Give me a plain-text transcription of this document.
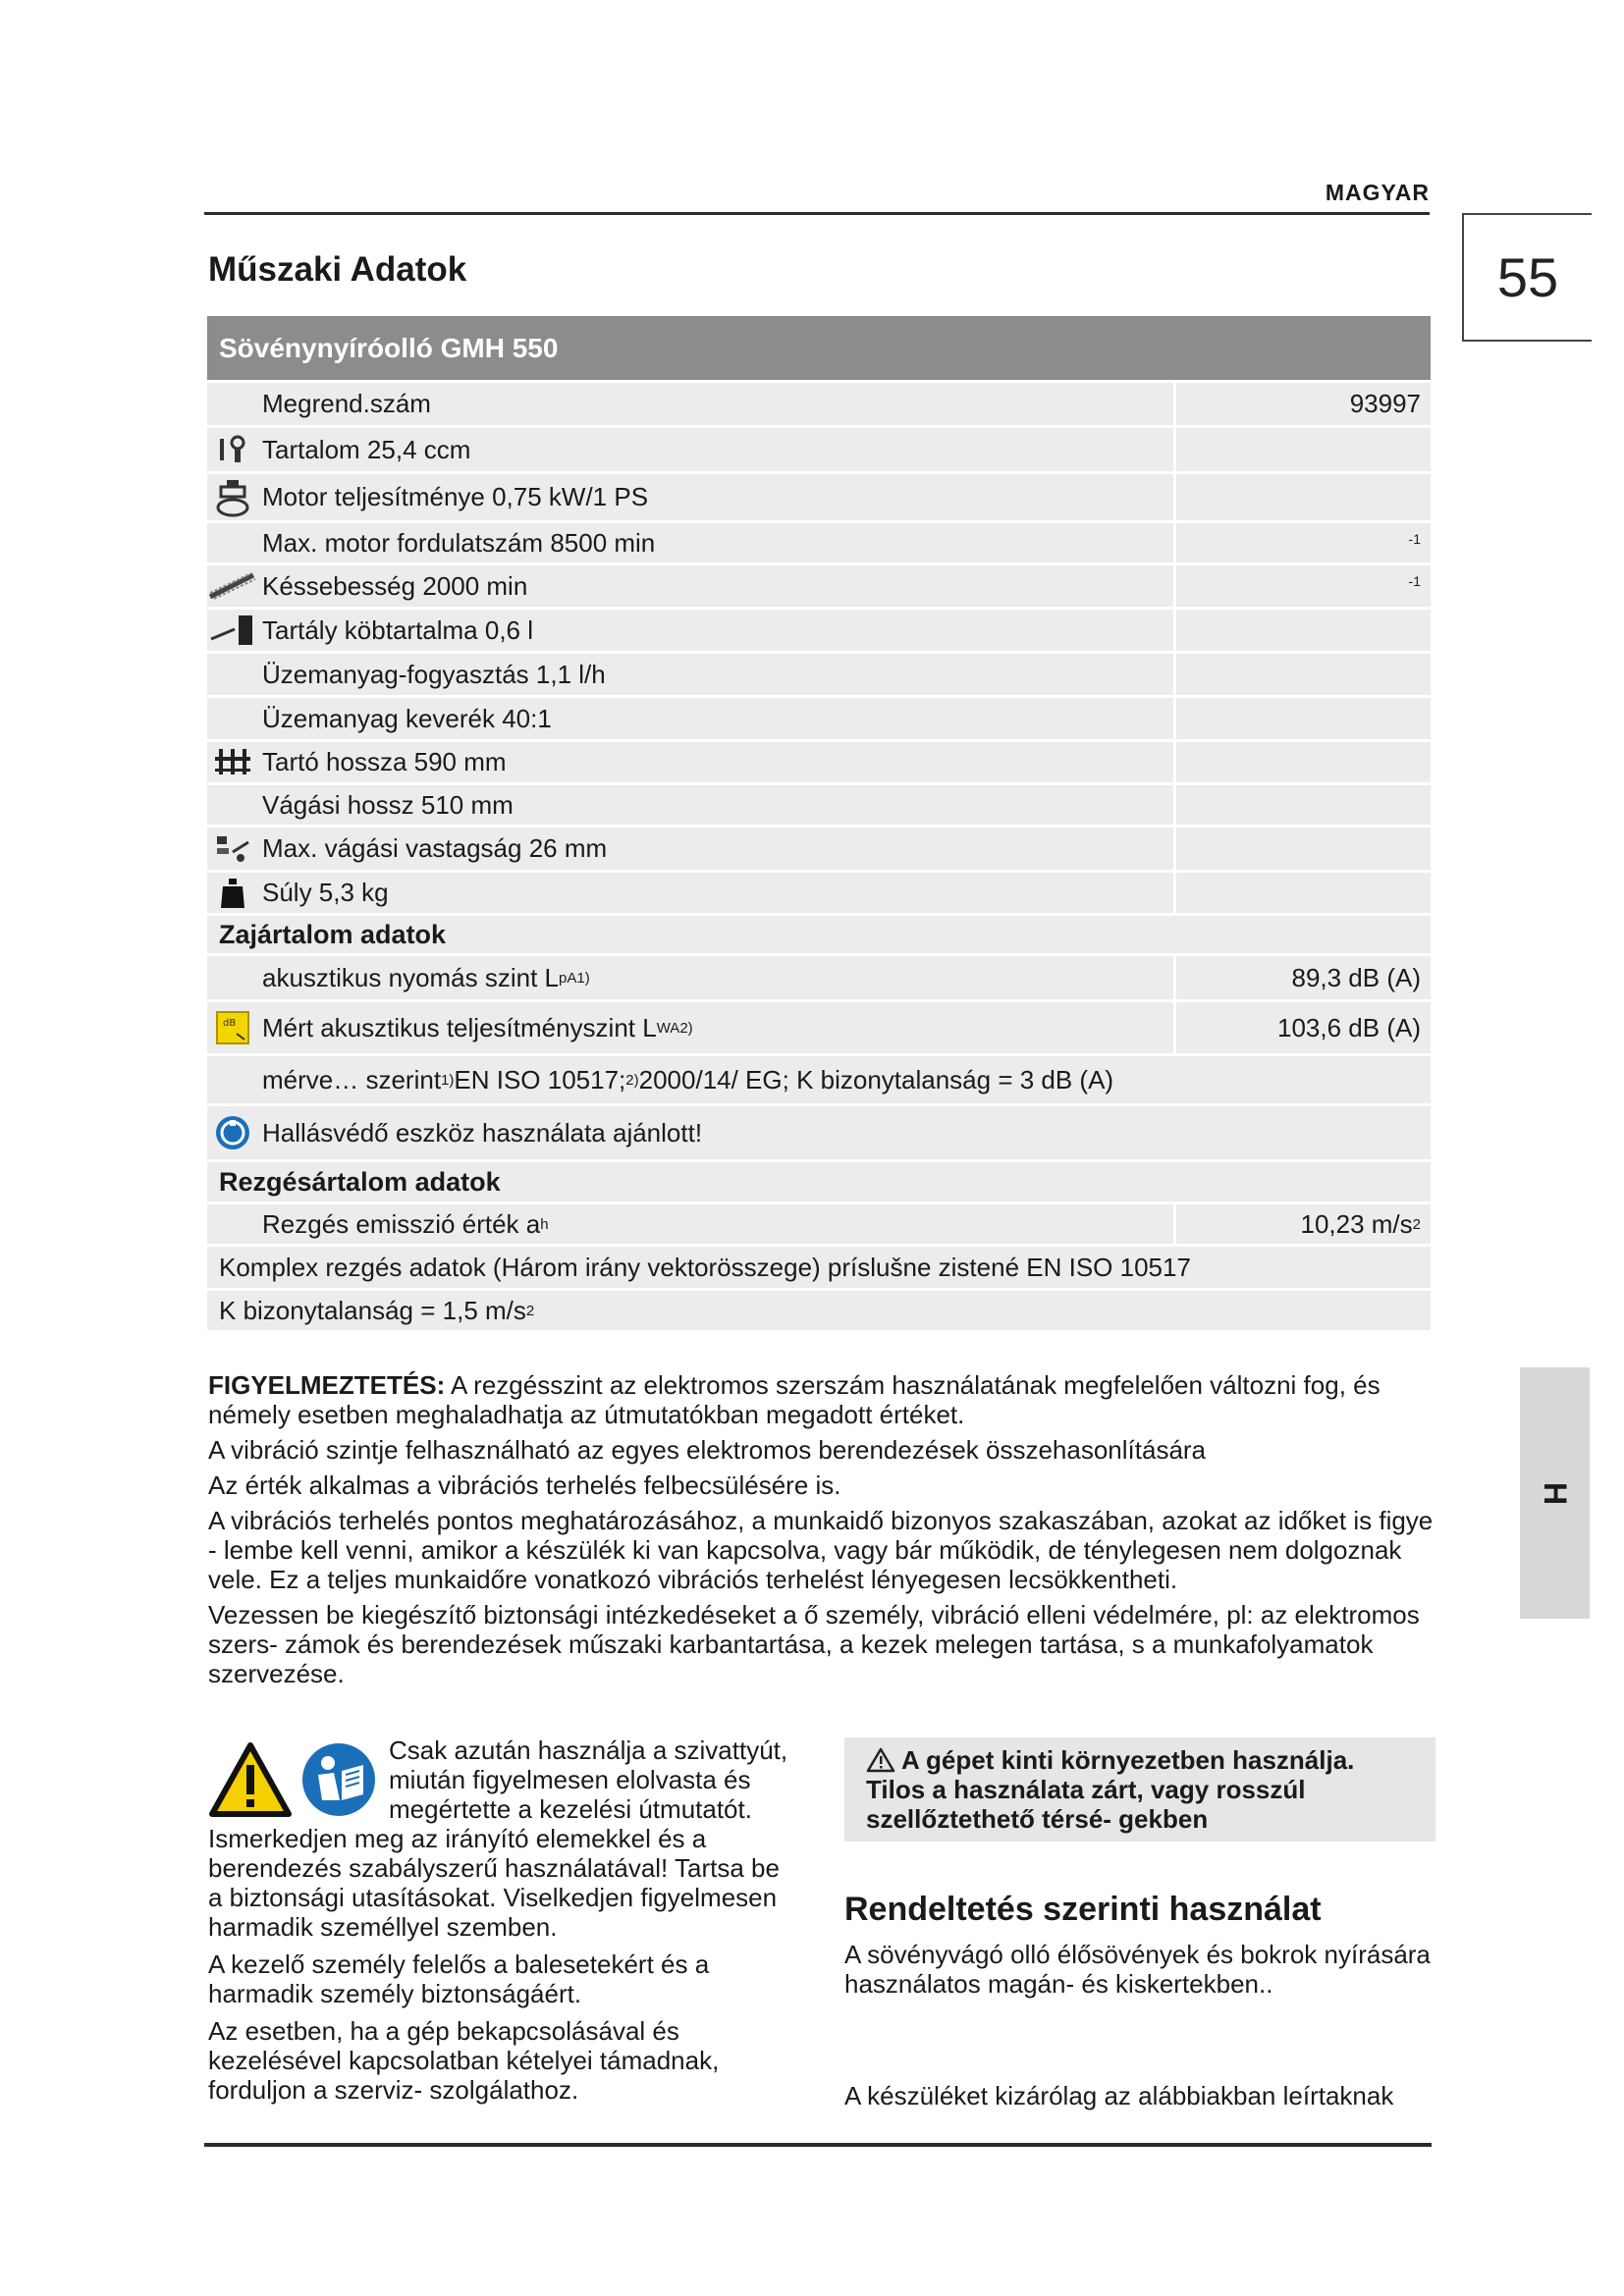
MAGYAR
55
Műszaki Adatok
Sövénynyíróolló GMH 550
Megrend.szám	93997
Tartalom 25,4 ccm
Motor teljesítménye 0,75 kW/1 PS
Max. motor fordulatszám 8500 min	-1
Késsebesség 2000 min	-1
Tartály köbtartalma 0,6 l
Üzemanyag-fogyasztás 1,1 l/h
Üzemanyag keverék 40:1
Tartó hossza 590 mm
Vágási hossz 510 mm
Max. vágási vastagság 26 mm
Súly 5,3 kg
Zajártalom adatok
akusztikus nyomás szint L pA 1)	89,3 dB (A)
dB Mért akusztikus teljesítményszint L WA 2)	103,6 dB (A)
mérve… szerint 1) EN ISO 10517; 2) 2000/14/ EG; K bizonytalanság = 3 dB (A)
Hallásvédő eszköz használata ajánlott!
Rezgésártalom adatok
Rezgés emisszió érték a h	10,23 m/s 2
Komplex rezgés adatok (Három irány vektorösszege) príslušne zistené EN ISO 10517
K bizonytalanság = 1,5 m/s 2

FIGYELMEZTETÉS: A rezgésszint az elektromos szerszám használatának megfelelően változni fog, és némely esetben meghaladhatja az útmutatókban megadott értéket.

A vibráció szintje felhasználható az egyes elektromos berendezések összehasonlítására

Az érték alkalmas a vibrációs terhelés felbecsülésére is.

A vibrációs terhelés pontos meghatározásához, a munkaidő bizonyos szakaszában, azokat az időket is figye - lembe kell venni, amikor a készülék ki van kapcsolva, vagy bár működik, de ténylegesen nem dolgoznak vele. Ez a teljes munkaidőre vonatkozó vibrációs terhelést lényegesen lecsökkentheti.

Vezessen be kiegészítő biztonsági intézkedéseket a ő személy, vibráció elleni védelmére, pl: az elektromos szers- zámok és berendezések műszaki karbantartása, a kezek melegen tartása, s a munkafolyamatok szervezése.

H

Csak azután használja a szivattyút, miután figyelmesen elolvasta és megértette a kezelési útmutatót. Ismerkedjen meg az irányító elemekkel és a berendezés szabályszerű használatával! Tartsa be a biztonsági utasításokat. Viselkedjen figyelmesen harmadik személlyel szemben.

A kezelő személy felelős a balesetekért és a harmadik személy biztonságáért.

Az esetben, ha a gép bekapcsolásával és kezelésével kapcsolatban kételyei támadnak, forduljon a szerviz- szolgálathoz.

A gépet kinti környezetben használja. Tilos a használata zárt, vagy rosszúl szellőztethető térsé- gekben
Rendeltetés szerinti használat
A sövényvágó olló élősövények és bokrok nyírására használatos magán- és kiskertekben..
A készüléket kizárólag az alábbiakban leírtaknak
